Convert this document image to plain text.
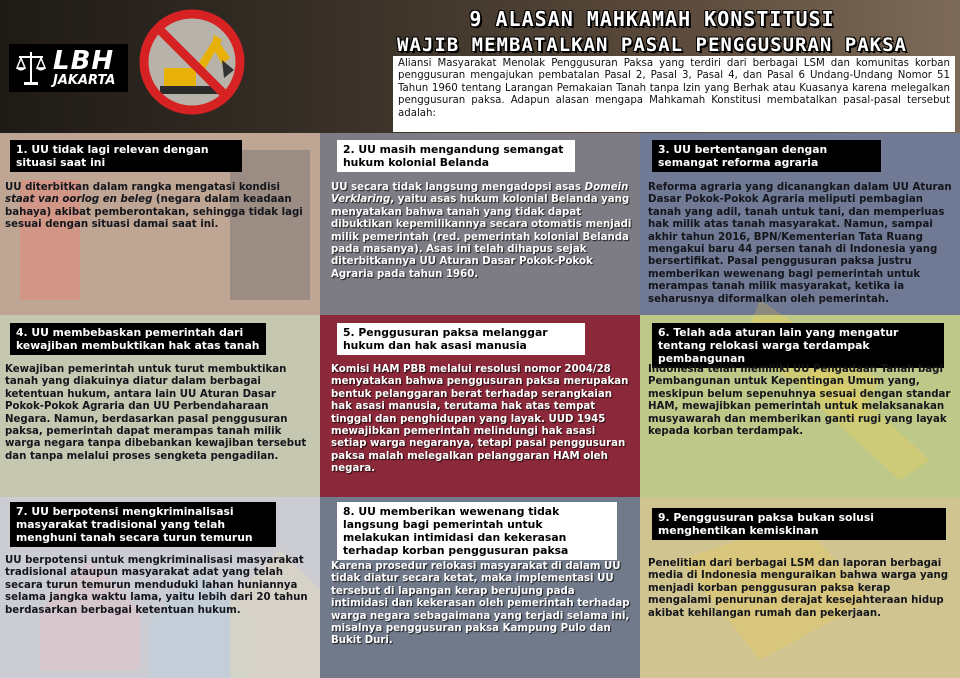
LBH
JAKARTA
9 ALASAN MAHKAMAH KONSTITUSI
WAJIB MEMBATALKAN PASAL PENGGUSURAN PAKSA
Aliansi Masyarakat Menolak Penggusuran Paksa yang terdiri dari berbagai LSM dan komunitas korban penggusuran mengajukan pembatalan Pasal 2, Pasal 3, Pasal 4, dan Pasal 6 Undang-Undang Nomor 51 Tahun 1960 tentang Larangan Pemakaian Tanah tanpa Izin yang Berhak atau Kuasanya karena melegalkan penggusuran paksa. Adapun alasan mengapa Mahkamah Konstitusi membatalkan pasal-pasal tersebut adalah:
1. UU tidak lagi relevan dengan situasi saat ini
UU diterbitkan dalam rangka mengatasi kondisi staat van oorlog en beleg (negara dalam keadaan bahaya) akibat pemberontakan, sehingga tidak lagi sesuai dengan situasi damai saat ini.
2. UU masih mengandung semangat hukum kolonial Belanda
UU secara tidak langsung mengadopsi asas Domein Verklaring, yaitu asas hukum kolonial Belanda yang menyatakan bahwa tanah yang tidak dapat dibuktikan kepemilikannya secara otomatis menjadi milik pemerintah (red. pemerintah kolonial Belanda pada masanya). Asas ini telah dihapus sejak diterbitkannya UU Aturan Dasar Pokok-Pokok Agraria pada tahun 1960.
3. UU bertentangan dengan semangat reforma agraria
Reforma agraria yang dicanangkan dalam UU Aturan Dasar Pokok-Pokok Agraria meliputi pembagian tanah yang adil, tanah untuk tani, dan memperluas hak milik atas tanah masyarakat. Namun, sampai akhir tahun 2016, BPN/Kementerian Tata Ruang mengakui baru 44 persen tanah di Indonesia yang bersertifikat. Pasal penggusuran paksa justru memberikan wewenang bagi pemerintah untuk merampas tanah milik masyarakat, ketika ia seharusnya diformalkan oleh pemerintah.
4. UU membebaskan pemerintah dari kewajiban membuktikan hak atas tanah
Kewajiban pemerintah untuk turut membuktikan tanah yang diakuinya diatur dalam berbagai ketentuan hukum, antara lain UU Aturan Dasar Pokok-Pokok Agraria dan UU Perbendaharaan Negara. Namun, berdasarkan pasal penggusuran paksa, pemerintah dapat merampas tanah milik warga negara tanpa dibebankan kewajiban tersebut dan tanpa melalui proses sengketa pengadilan.
5. Penggusuran paksa melanggar hukum dan hak asasi manusia
Komisi HAM PBB melalui resolusi nomor 2004/28 menyatakan bahwa penggusuran paksa merupakan bentuk pelanggaran berat terhadap serangkaian hak asasi manusia, terutama hak atas tempat tinggal dan penghidupan yang layak. UUD 1945 mewajibkan pemerintah melindungi hak asasi setiap warga negaranya, tetapi pasal penggusuran paksa malah melegalkan pelanggaran HAM oleh negara.
6. Telah ada aturan lain yang mengatur tentang relokasi warga terdampak pembangunan
Indonesia telah memiliki UU Pengadaan Tanah bagi Pembangunan untuk Kepentingan Umum yang, meskipun belum sepenuhnya sesuai dengan standar HAM, mewajibkan pemerintah untuk melaksanakan musyawarah dan memberikan ganti rugi yang layak kepada korban terdampak.
7. UU berpotensi mengkriminalisasi masyarakat tradisional yang telah menghuni tanah secara turun temurun
UU berpotensi untuk mengkriminalisasi masyarakat tradisional ataupun masyarakat adat yang telah secara turun temurun menduduki lahan huniannya selama jangka waktu lama, yaitu lebih dari 20 tahun berdasarkan berbagai ketentuan hukum.
8. UU memberikan wewenang tidak langsung bagi pemerintah untuk melakukan intimidasi dan kekerasan terhadap korban penggusuran paksa
Karena prosedur relokasi masyarakat di dalam UU tidak diatur secara ketat, maka implementasi UU tersebut di lapangan kerap berujung pada intimidasi dan kekerasan oleh pemerintah terhadap warga negara sebagaimana yang terjadi selama ini, misalnya penggusuran paksa Kampung Pulo dan Bukit Duri.
9. Penggusuran paksa bukan solusi menghentikan kemiskinan
Penelitian dari berbagai LSM dan laporan berbagai media di Indonesia menguraikan bahwa warga yang menjadi korban penggusuran paksa kerap mengalami penurunan derajat kesejahteraan hidup akibat kehilangan rumah dan pekerjaan.
